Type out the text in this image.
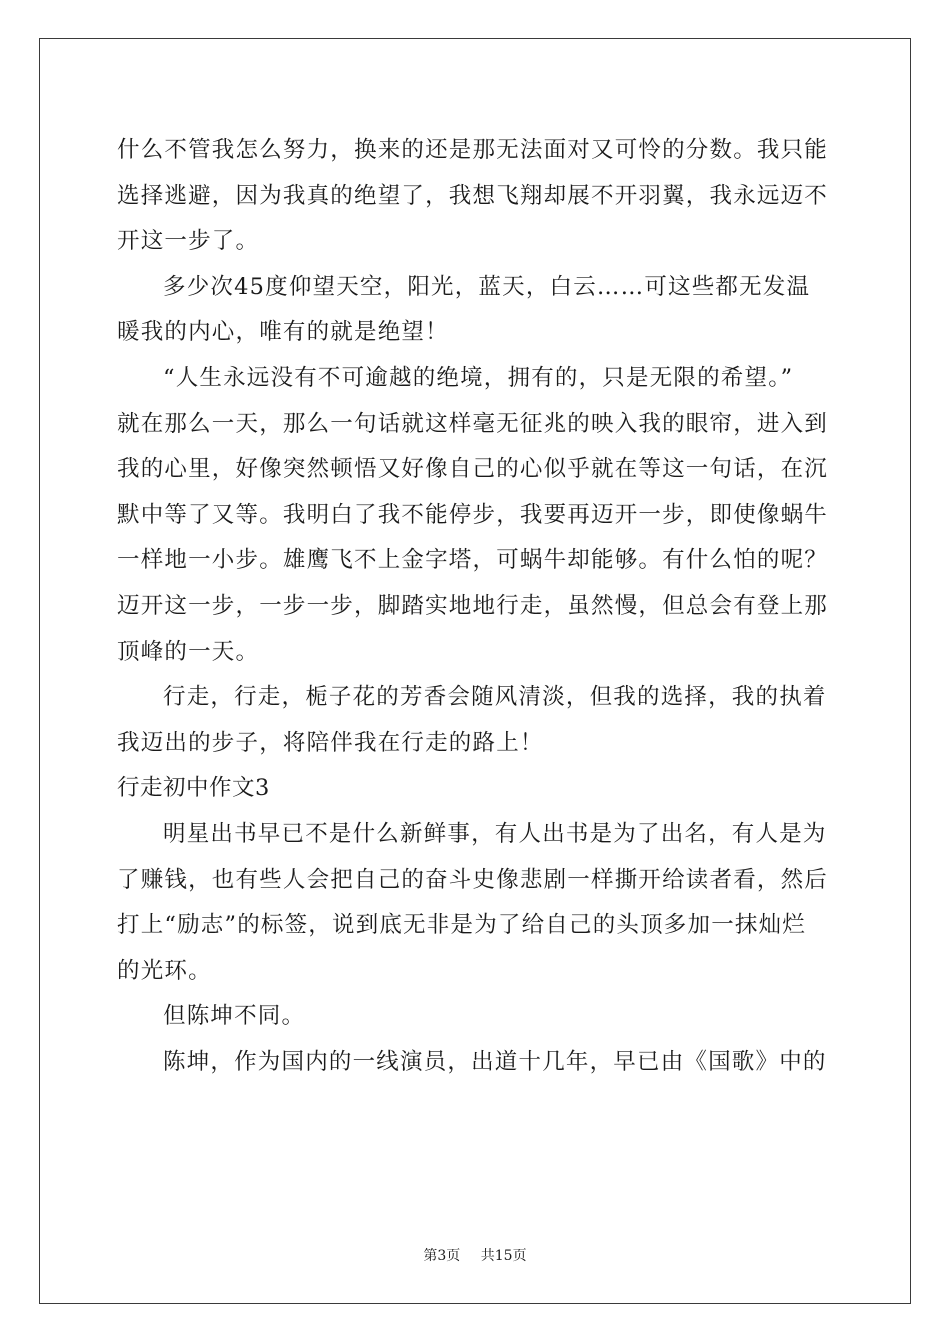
什么不管我怎么努力，换来的还是那无法面对又可怜的分数。我只能
选择逃避，因为我真的绝望了，我想飞翔却展不开羽翼，我永远迈不
开这一步了。
多少次45度仰望天空，阳光，蓝天，白云……可这些都无发温
暖我的内心，唯有的就是绝望！
“人生永远没有不可逾越的绝境，拥有的，只是无限的希望。”
就在那么一天，那么一句话就这样毫无征兆的映入我的眼帘，进入到
我的心里，好像突然顿悟又好像自己的心似乎就在等这一句话，在沉
默中等了又等。我明白了我不能停步，我要再迈开一步，即使像蜗牛
一样地一小步。雄鹰飞不上金字塔，可蜗牛却能够。有什么怕的呢？
迈开这一步，一步一步，脚踏实地地行走，虽然慢，但总会有登上那
顶峰的一天。
行走，行走，栀子花的芳香会随风清淡，但我的选择，我的执着
我迈出的步子，将陪伴我在行走的路上！
行走初中作文3
明星出书早已不是什么新鲜事，有人出书是为了出名，有人是为
了赚钱，也有些人会把自己的奋斗史像悲剧一样撕开给读者看，然后
打上“励志”的标签，说到底无非是为了给自己的头顶多加一抹灿烂
的光环。
但陈坤不同。
陈坤，作为国内的一线演员，出道十几年，早已由《国歌》中的
第3页 共15页
